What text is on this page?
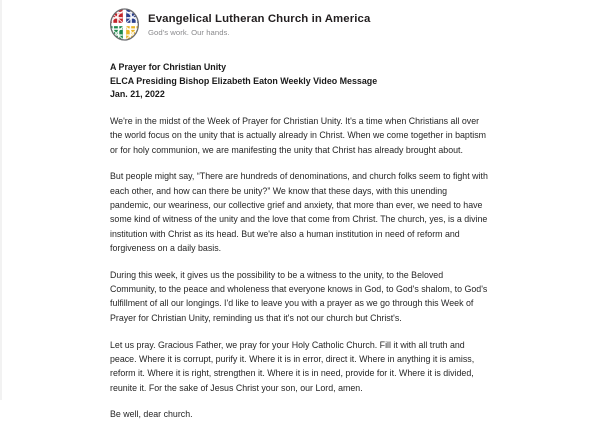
Evangelical Lutheran Church in America
God's work. Our hands.
A Prayer for Christian Unity
ELCA Presiding Bishop Elizabeth Eaton Weekly Video Message
Jan. 21, 2022

We're in the midst of the Week of Prayer for Christian Unity. It's a time when Christians all over the world focus on the unity that is actually already in Christ. When we come together in baptism or for holy communion, we are manifesting the unity that Christ has already brought about.

But people might say, “There are hundreds of denominations, and church folks seem to fight with each other, and how can there be unity?” We know that these days, with this unending pandemic, our weariness, our collective grief and anxiety, that more than ever, we need to have some kind of witness of the unity and the love that come from Christ. The church, yes, is a divine institution with Christ as its head. But we're also a human institution in need of reform and forgiveness on a daily basis.

During this week, it gives us the possibility to be a witness to the unity, to the Beloved Community, to the peace and wholeness that everyone knows in God, to God's shalom, to God's fulfillment of all our longings. I'd like to leave you with a prayer as we go through this Week of Prayer for Christian Unity, reminding us that it's not our church but Christ's.

Let us pray. Gracious Father, we pray for your Holy Catholic Church. Fill it with all truth and peace. Where it is corrupt, purify it. Where it is in error, direct it. Where in anything it is amiss, reform it. Where it is right, strengthen it. Where it is in need, provide for it. Where it is divided, reunite it. For the sake of Jesus Christ your son, our Lord, amen.

Be well, dear church.
